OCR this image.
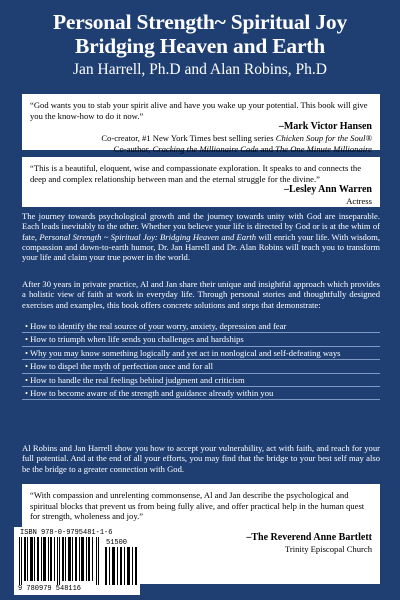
Personal Strength~ Spiritual Joy
Bridging Heaven and Earth
Jan Harrell, Ph.D and Alan Robins, Ph.D

“God wants you to stab your spirit alive and have you wake up your potential. This book will give you the know-how to do it now.”

–Mark Victor Hansen

Co-creator, #1 New York Times best selling series Chicken Soup for the Soul®

Co-author, Cracking the Millionaire Code and The One Minute Millionaire

“This is a beautiful, eloquent, wise and compassionate exploration. It speaks to and connects the deep and complex relationship between man and the eternal struggle for the divine.”

–Lesley Ann Warren

Actress

The journey towards psychological growth and the journey towards unity with God are inseparable. Each leads inevitably to the other. Whether you believe your life is directed by God or is at the whim of fate, Personal Strength ~ Spiritual Joy: Bridging Heaven and Earth will enrich your life. With wisdom, compassion and down-to-earth humor, Dr. Jan Harrell and Dr. Alan Robins will teach you to transform your life and claim your true power in the world.

After 30 years in private practice, Al and Jan share their unique and insightful approach which provides a holistic view of faith at work in everyday life. Through personal stories and thoughtfully designed exercises and examples, this book offers concrete solutions and steps that demonstrate:

• How to identify the real source of your worry, anxiety, depression and fear
• How to triumph when life sends you challenges and hardships
• Why you may know something logically and yet act in nonlogical and self-defeating ways
• How to dispel the myth of perfection once and for all
• How to handle the real feelings behind judgment and criticism
• How to become aware of the strength and guidance already within you

Al Robins and Jan Harrell show you how to accept your vulnerability, act with faith, and reach for your full potential. And at the end of all your efforts, you may find that the bridge to your best self may also be the bridge to a greater connection with God.

“With compassion and unrelenting commonsense, Al and Jan describe the psychological and spiritual blocks that prevent us from being fully alive, and offer practical help in the human quest for strength, wholeness and joy.”

–The Reverend Anne Bartlett

Trinity Episcopal Church

ISBN 978-0-9795481-1-6
51500
9 780979 548116
Inner Peace Press
U.S. $15.00
Can. $17.00
